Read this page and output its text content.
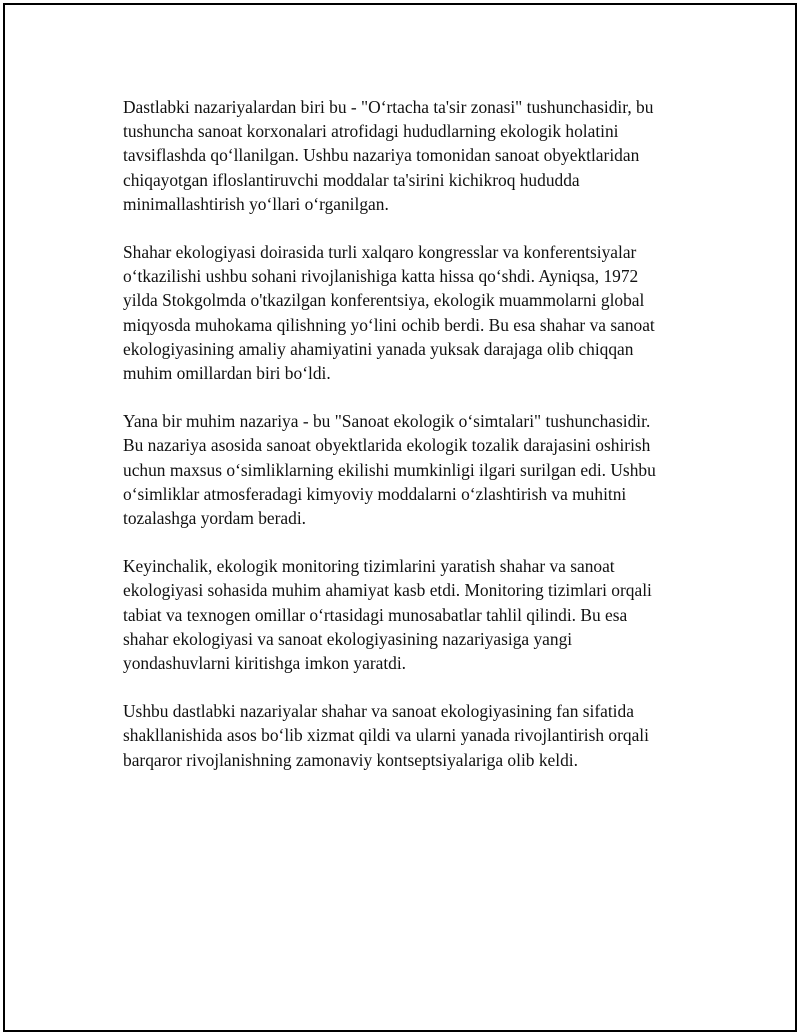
Dastlabki nazariyalardan biri bu - "O‘rtacha ta'sir zonasi" tushunchasidir, bu
tushuncha sanoat korxonalari atrofidagi hududlarning ekologik holatini
tavsiflashda qo‘llanilgan. Ushbu nazariya tomonidan sanoat obyektlaridan
chiqayotgan ifloslantiruvchi moddalar ta'sirini kichikroq hududda
minimallashtirish yo‘llari o‘rganilgan.

Shahar ekologiyasi doirasida turli xalqaro kongresslar va konferentsiyalar
o‘tkazilishi ushbu sohani rivojlanishiga katta hissa qo‘shdi. Ayniqsa, 1972
yilda Stokgolmda o'tkazilgan konferentsiya, ekologik muammolarni global
miqyosda muhokama qilishning yo‘lini ochib berdi. Bu esa shahar va sanoat
ekologiyasining amaliy ahamiyatini yanada yuksak darajaga olib chiqqan
muhim omillardan biri bo‘ldi.

Yana bir muhim nazariya - bu "Sanoat ekologik o‘simtalari" tushunchasidir.
Bu nazariya asosida sanoat obyektlarida ekologik tozalik darajasini oshirish
uchun maxsus o‘simliklarning ekilishi mumkinligi ilgari surilgan edi. Ushbu
o‘simliklar atmosferadagi kimyoviy moddalarni o‘zlashtirish va muhitni
tozalashga yordam beradi.

Keyinchalik, ekologik monitoring tizimlarini yaratish shahar va sanoat
ekologiyasi sohasida muhim ahamiyat kasb etdi. Monitoring tizimlari orqali
tabiat va texnogen omillar o‘rtasidagi munosabatlar tahlil qilindi. Bu esa
shahar ekologiyasi va sanoat ekologiyasining nazariyasiga yangi
yondashuvlarni kiritishga imkon yaratdi.

Ushbu dastlabki nazariyalar shahar va sanoat ekologiyasining fan sifatida
shakllanishida asos bo‘lib xizmat qildi va ularni yanada rivojlantirish orqali
barqaror rivojlanishning zamonaviy kontseptsiyalariga olib keldi.
